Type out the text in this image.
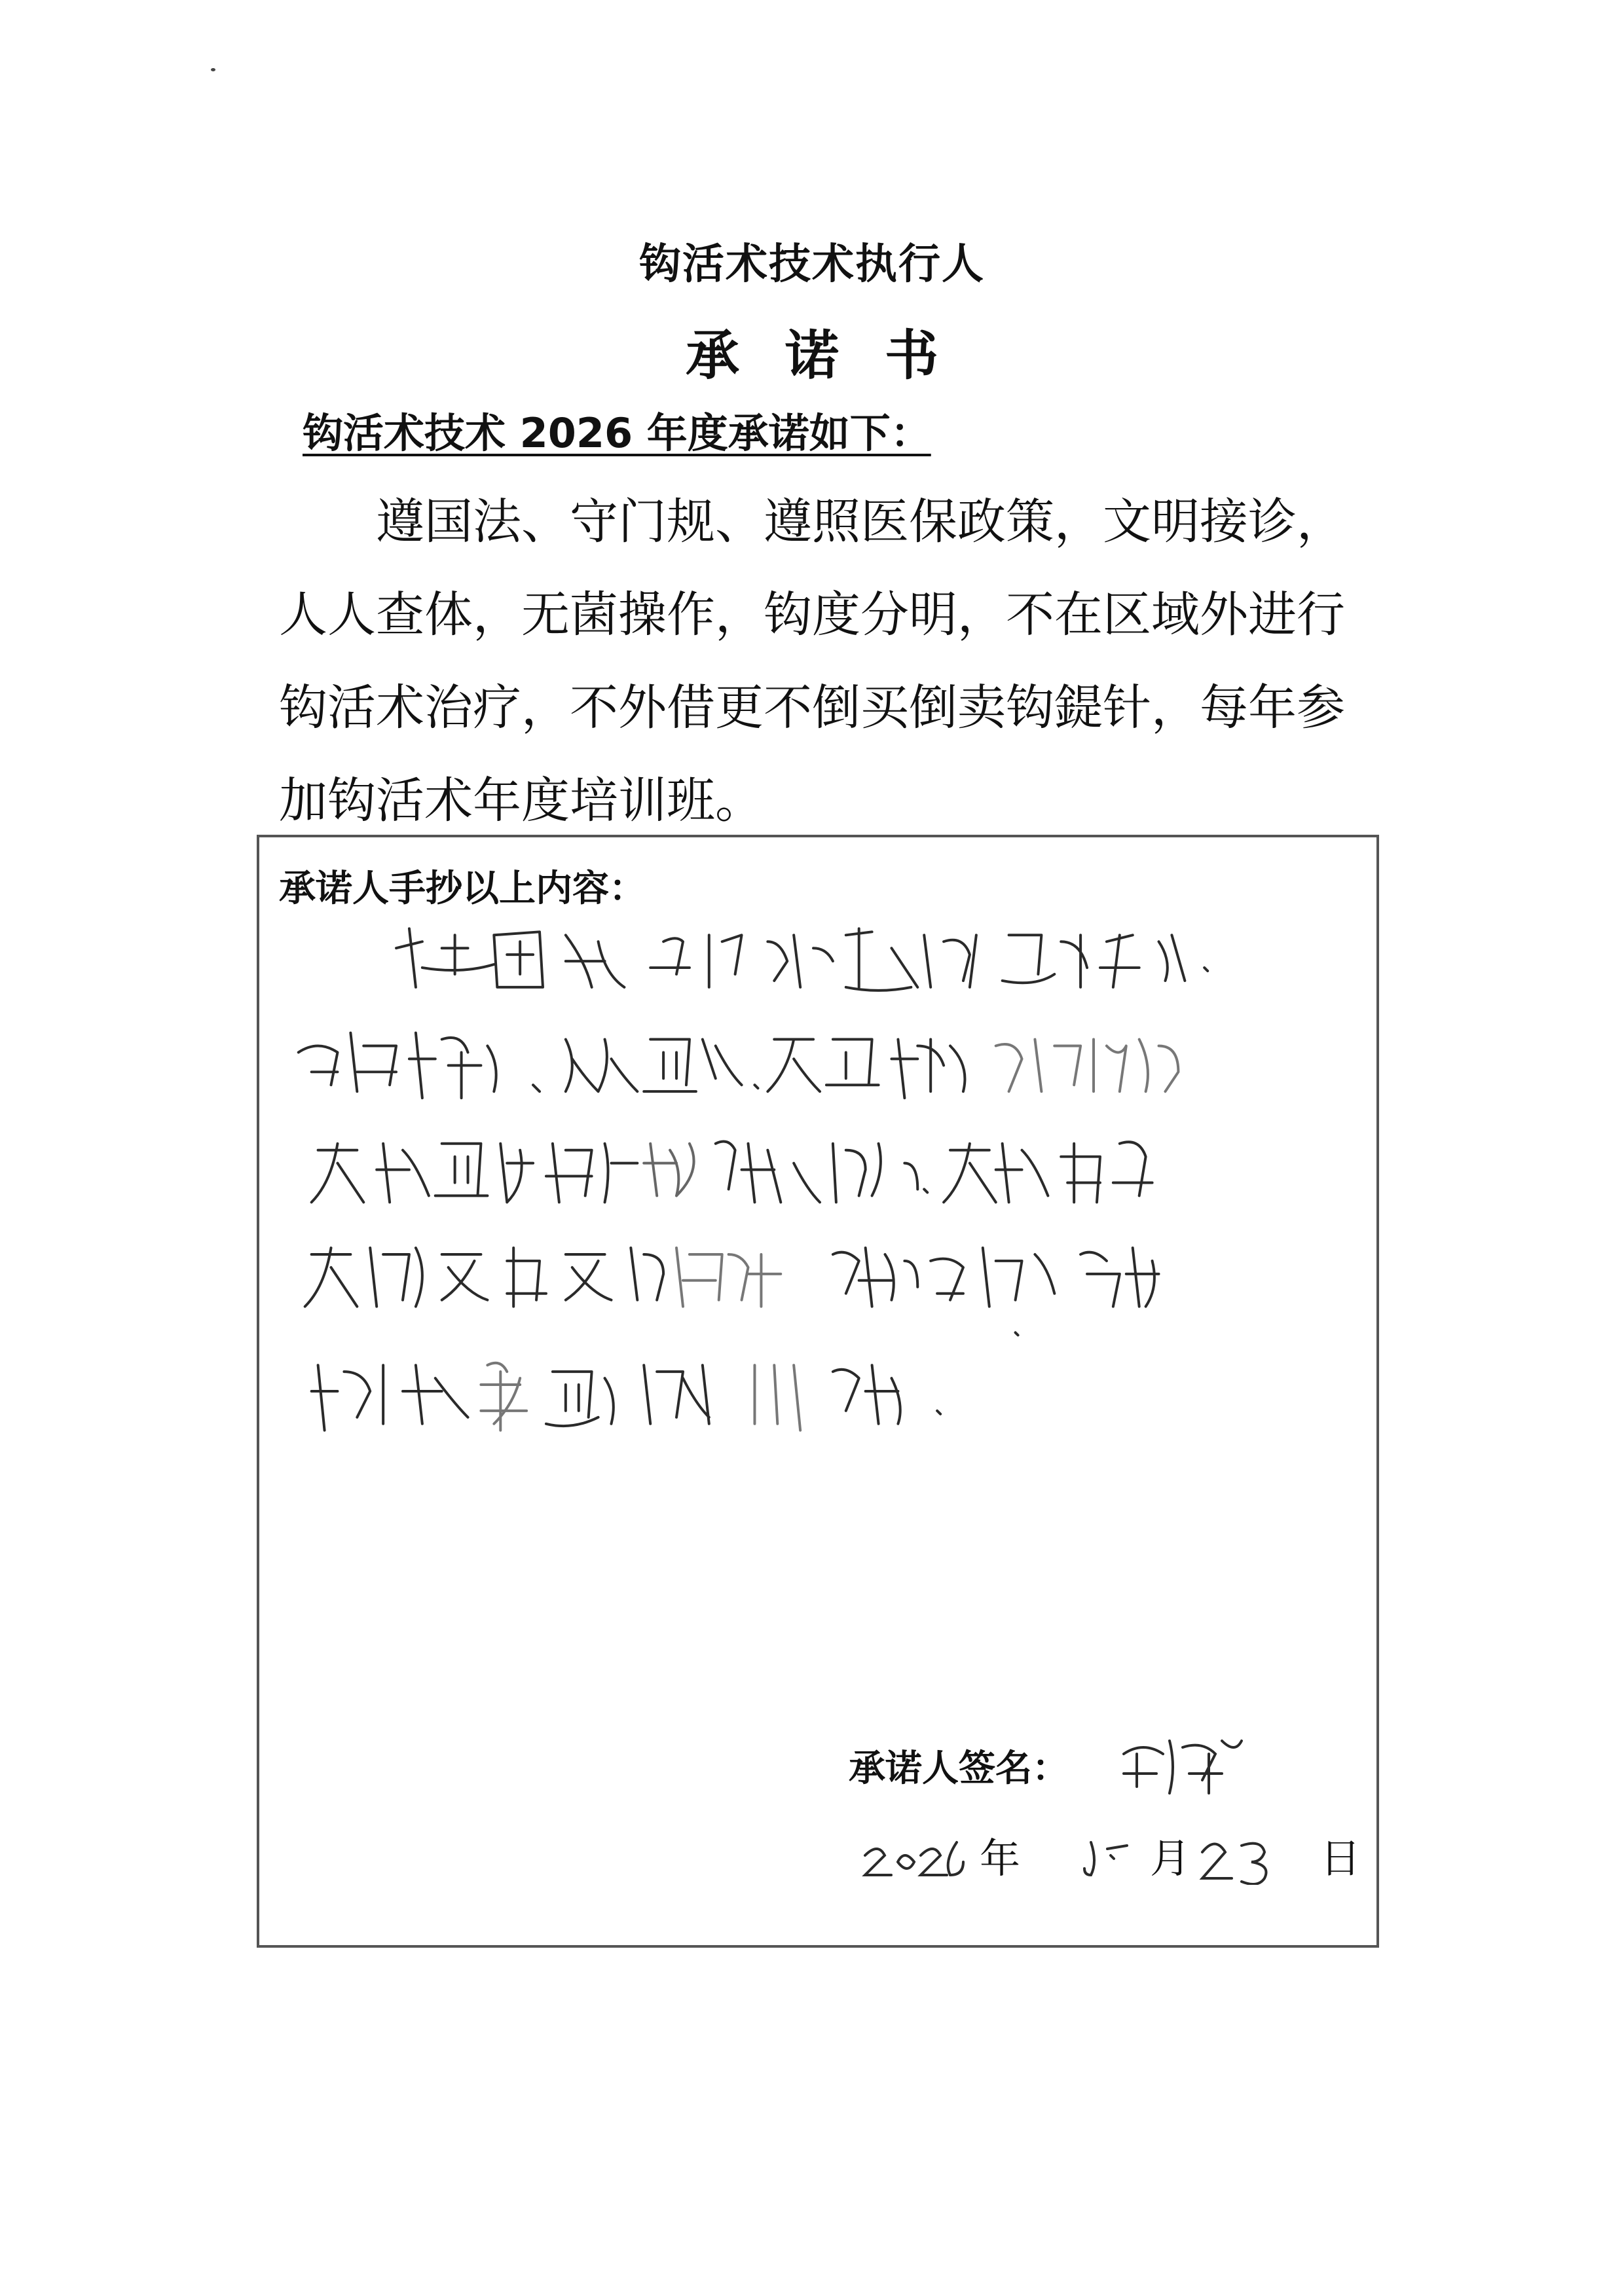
钩活术技术执行人
承诺书
钩活术技术 2026 年度承诺如下：

遵国法、守门规、遵照医保政策，文明接诊，人人查体，无菌操作，钩度分明，不在区域外进行钩活术治疗，不外借更不倒买倒卖钩鍉针，每年参加钩活术年度培训班。

承诺人手抄以上内容：
承诺人签名：
年	月	日
